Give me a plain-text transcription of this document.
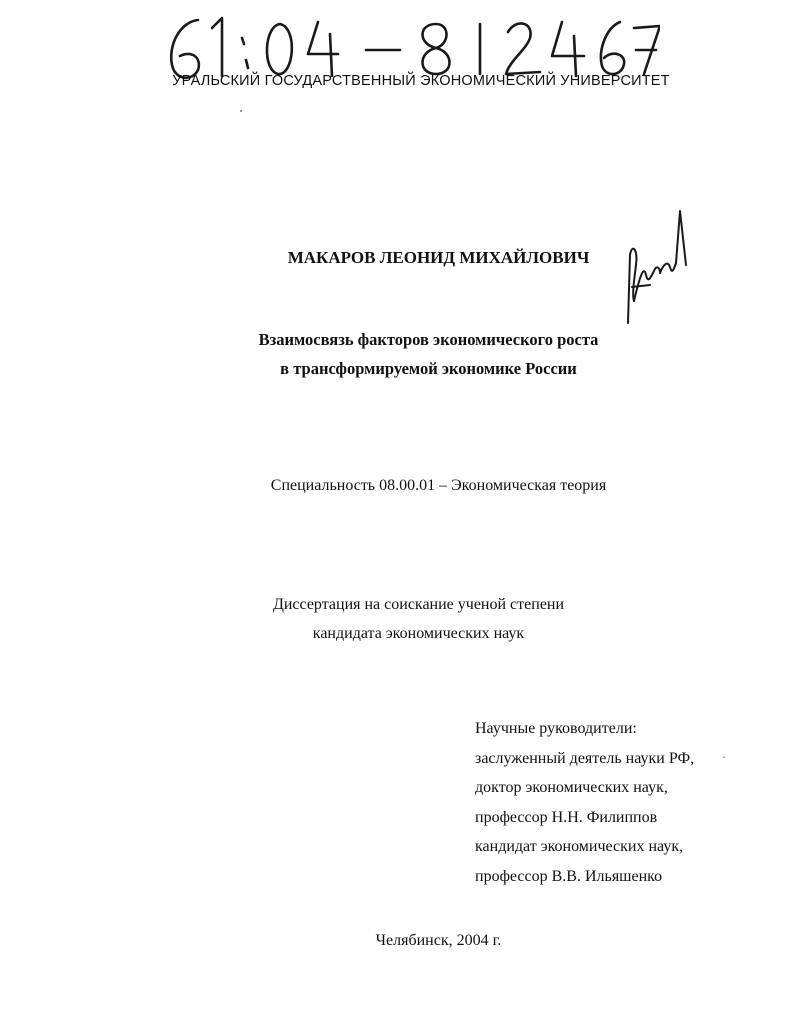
УРАЛЬСКИЙ ГОСУДАРСТВЕННЫЙ ЭКОНОМИЧЕСКИЙ УНИВЕРСИТЕТ
МАКАРОВ ЛЕОНИД МИХАЙЛОВИЧ
Взаимосвязь факторов экономического роста
в трансформируемой экономике России
Специальность 08.00.01 – Экономическая теория
Диссертация на соискание ученой степени
кандидата экономических наук
Научные руководители:
заслуженный деятель науки РФ,
доктор экономических наук,
профессор Н.Н. Филиппов
кандидат экономических наук,
профессор В.В. Ильяшенко
·
Челябинск, 2004 г.
